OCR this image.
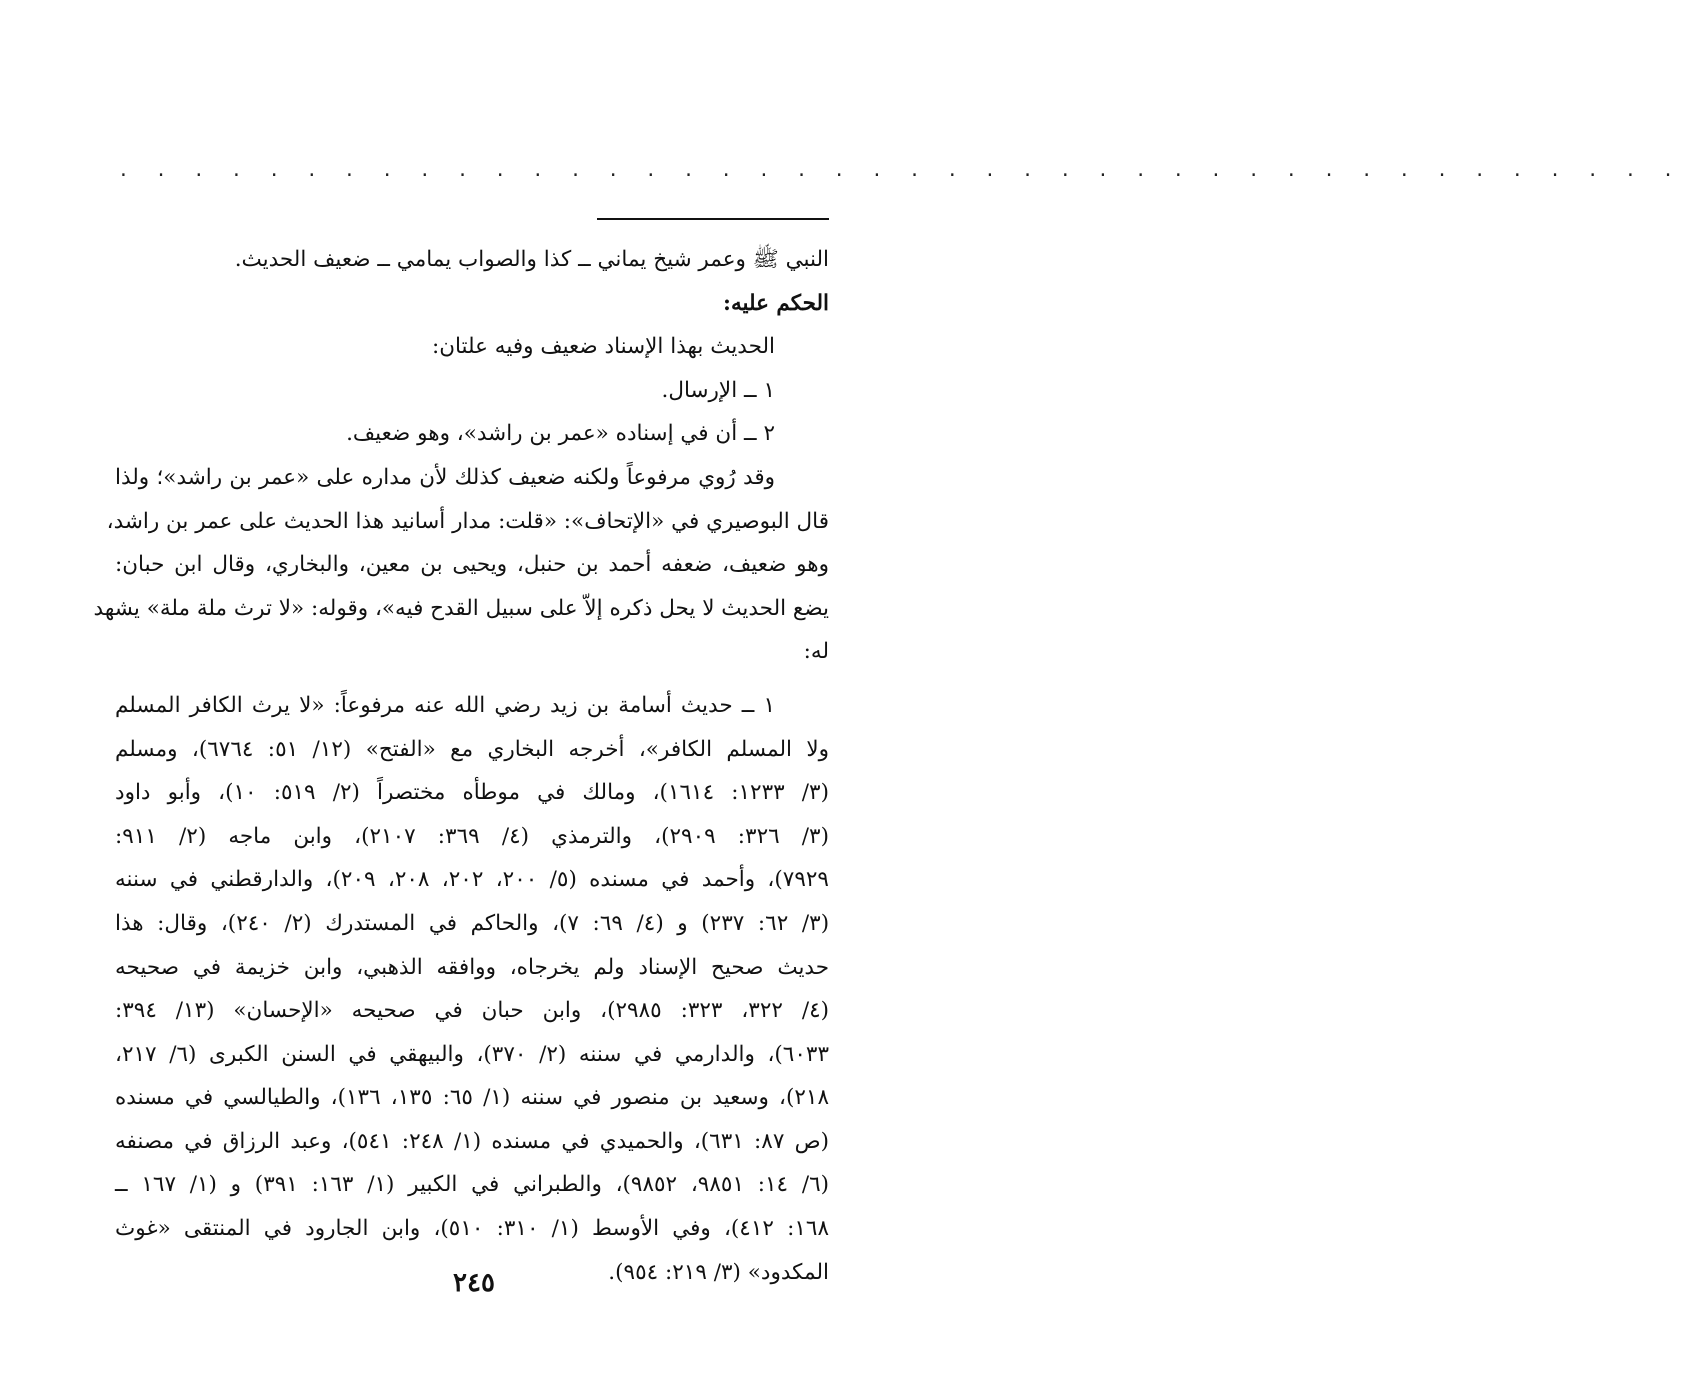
. . . . . . . . . . . . . . . . . . . . . . . . . . . . . . . . . . . . . . . . . .
النبي ﷺ وعمر شيخ يماني ــ كذا والصواب يمامي ــ ضعيف الحديث.
الحكم عليه:
الحديث بهذا الإسناد ضعيف وفيه علتان:
١ ــ الإرسال.
٢ ــ أن في إسناده «عمر بن راشد»، وهو ضعيف.
وقد رُوي مرفوعاً ولكنه ضعيف كذلك لأن مداره على «عمر بن راشد»؛ ولذا
قال البوصيري في «الإتحاف»: «قلت: مدار أسانيد هذا الحديث على عمر بن راشد،
وهو ضعيف، ضعفه أحمد بن حنبل، ويحيى بن معين، والبخاري، وقال ابن حبان:
يضع الحديث لا يحل ذكره إلاّ على سبيل القدح فيه»، وقوله: «لا ترث ملة ملة» يشهد
له:
١ ــ حديث أسامة بن زيد رضي الله عنه مرفوعاً: «لا يرث الكافر المسلم
ولا المسلم الكافر»، أخرجه البخاري مع «الفتح» (١٢/ ٥١: ٦٧٦٤)، ومسلم
(٣/ ١٢٣٣: ١٦١٤)، ومالك في موطأه مختصراً (٢/ ٥١٩: ١٠)، وأبو داود
(٣/ ٣٢٦: ٢٩٠٩)، والترمذي (٤/ ٣٦٩: ٢١٠٧)، وابن ماجه (٢/ ٩١١:
٧٩٢٩)، وأحمد في مسنده (٥/ ٢٠٠، ٢٠٢، ٢٠٨، ٢٠٩)، والدارقطني في سننه
(٣/ ٦٢: ٢٣٧) و (٤/ ٦٩: ٧)، والحاكم في المستدرك (٢/ ٢٤٠)، وقال: هذا
حديث صحيح الإسناد ولم يخرجاه، ووافقه الذهبي، وابن خزيمة في صحيحه
(٤/ ٣٢٢، ٣٢٣: ٢٩٨٥)، وابن حبان في صحيحه «الإحسان» (١٣/ ٣٩٤:
٦٠٣٣)، والدارمي في سننه (٢/ ٣٧٠)، والبيهقي في السنن الكبرى (٦/ ٢١٧،
٢١٨)، وسعيد بن منصور في سننه (١/ ٦٥: ١٣٥، ١٣٦)، والطيالسي في مسنده
(ص ٨٧: ٦٣١)، والحميدي في مسنده (١/ ٢٤٨: ٥٤١)، وعبد الرزاق في مصنفه
(٦/ ١٤: ٩٨٥١، ٩٨٥٢)، والطبراني في الكبير (١/ ١٦٣: ٣٩١) و (١/ ١٦٧ ــ
١٦٨: ٤١٢)، وفي الأوسط (١/ ٣١٠: ٥١٠)، وابن الجارود في المنتقى «غوث
المكدود» (٣/ ٢١٩: ٩٥٤).
٢٤٥
